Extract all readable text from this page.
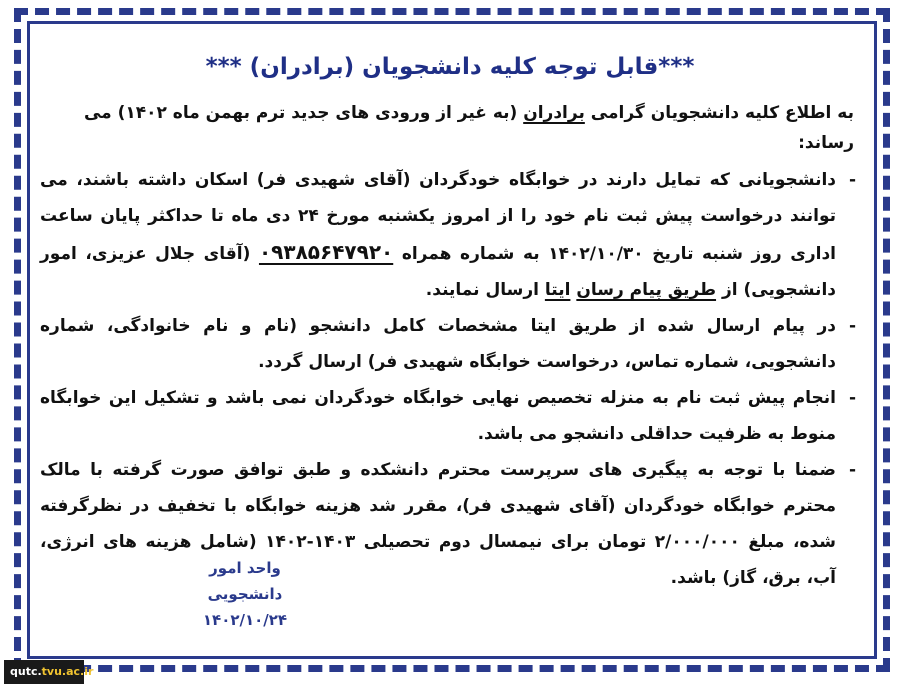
***قابل توجه کلیه دانشجویان (برادران) ***
به اطلاع کلیه دانشجویان گرامی برادران (به غیر از ورودی های جدید ترم بهمن ماه ۱۴۰۲) می رساند:
-
دانشجویانی که تمایل دارند در خوابگاه خودگردان (آقای شهیدی فر) اسکان داشته باشند، می توانند درخواست پیش ثبت نام خود را از امروز یکشنبه مورخ ۲۴ دی ماه تا حداکثر پایان ساعت اداری روز شنبه تاریخ ۱۴۰۲/۱۰/۳۰ به شماره همراه ۰۹۳۸۵۶۴۷۹۲۰ (آقای جلال عزیزی، امور دانشجویی) از طریق پیام رسان ایتا ارسال نمایند.
-
در پیام ارسال شده از طریق ایتا مشخصات کامل دانشجو (نام و نام خانوادگی، شماره دانشجویی، شماره تماس، درخواست خوابگاه شهیدی فر) ارسال گردد.
-
انجام پیش ثبت نام به منزله تخصیص نهایی خوابگاه خودگردان نمی باشد و تشکیل این خوابگاه منوط به ظرفیت حداقلی دانشجو می باشد.
-
ضمنا با توجه به پیگیری های سرپرست محترم دانشکده و طبق توافق صورت گرفته با مالک محترم خوابگاه خودگردان (آقای شهیدی فر)، مقرر شد هزینه خوابگاه با تخفیف در نظرگرفته شده، مبلغ ۲/۰۰۰/۰۰۰ تومان برای نیمسال دوم تحصیلی ۱۴۰۳-۱۴۰۲ (شامل هزینه های انرژی، آب، برق، گاز) باشد.
واحد امور دانشجویی
۱۴۰۲/۱۰/۲۴
qutc.tvu.ac.ir
